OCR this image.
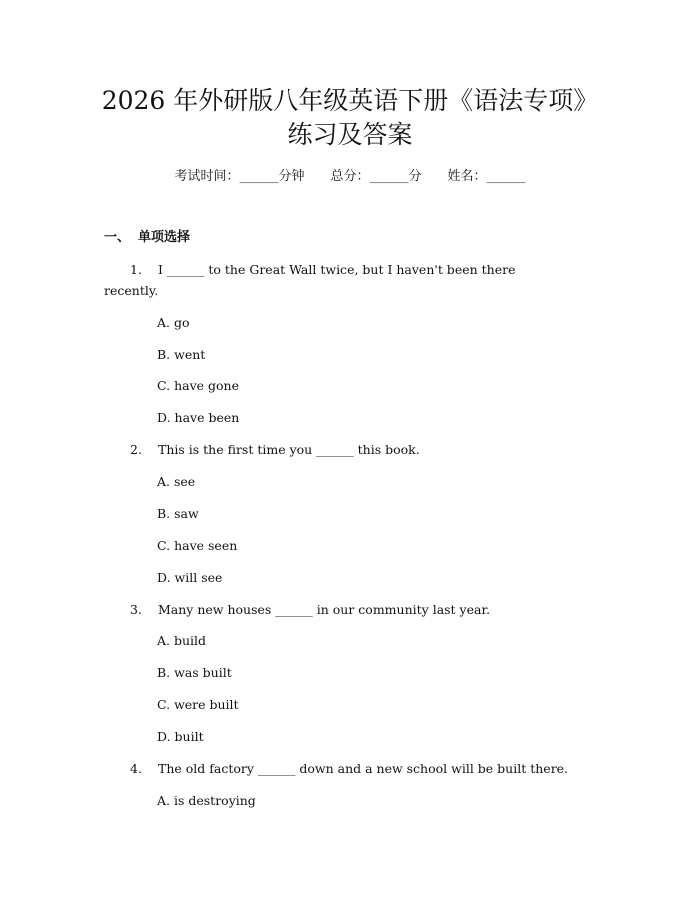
2026 年外研版八年级英语下册《语法专项》
练习及答案
考试时间：______分钟 总分：______分 姓名：______
一、 单项选择
1. I ______ to the Great Wall twice, but I haven't been there
recently.
A. go
B. went
C. have gone
D. have been
2. This is the first time you ______ this book.
A. see
B. saw
C. have seen
D. will see
3. Many new houses ______ in our community last year.
A. build
B. was built
C. were built
D. built
4. The old factory ______ down and a new school will be built there.
A. is destroying
